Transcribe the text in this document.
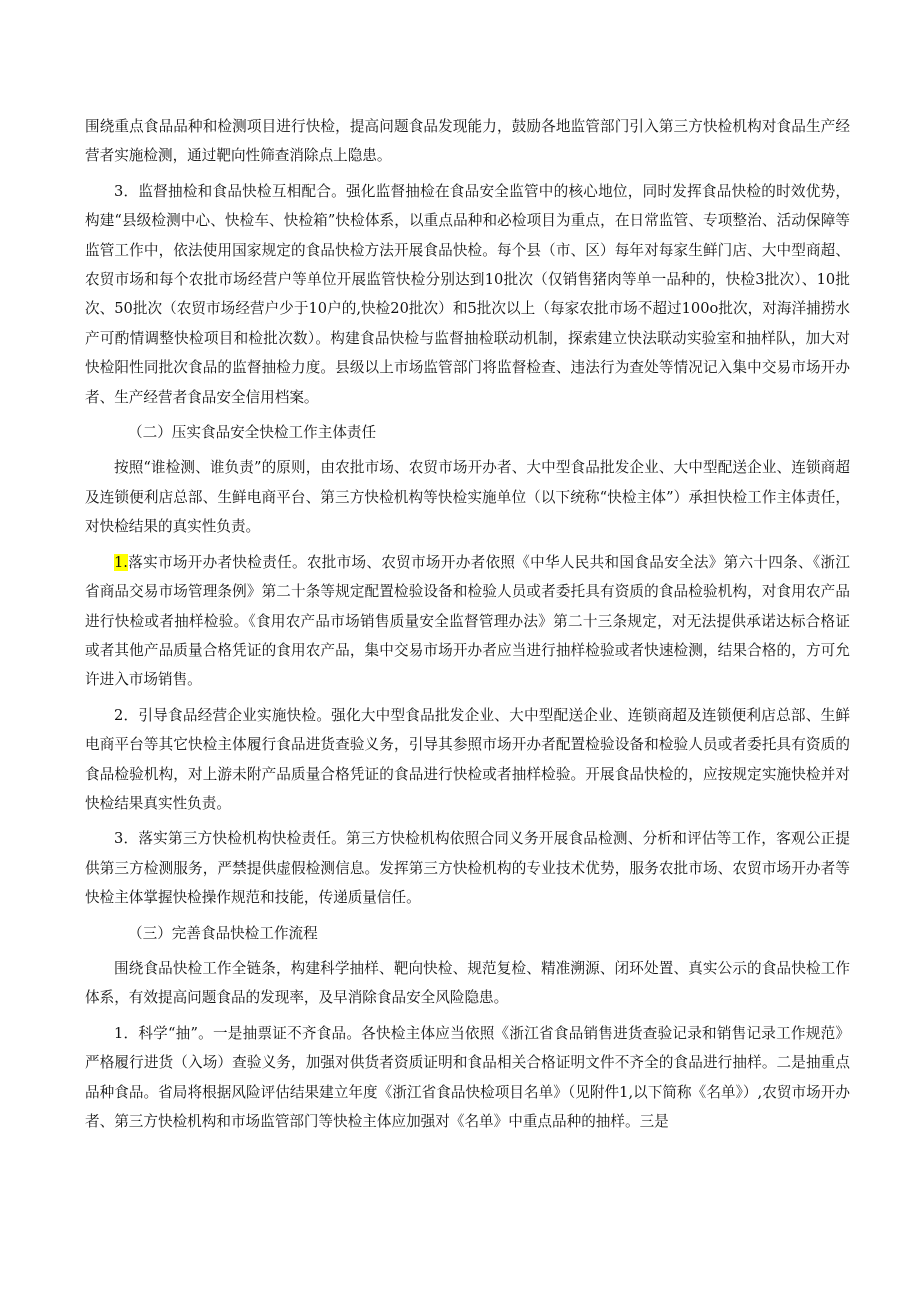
围绕重点食品品种和检测项目进行快检，提高问题食品发现能力，鼓励各地监管部门引入第三方快检机构对食品生产经营者实施检测，通过靶向性筛查消除点上隐患。

3．监督抽检和食品快检互相配合。强化监督抽检在食品安全监管中的核心地位，同时发挥食品快检的时效优势，构建“县级检测中心、快检车、快检箱”快检体系，以重点品种和必检项目为重点，在日常监管、专项整治、活动保障等监管工作中，依法使用国家规定的食品快检方法开展食品快检。每个县（市、区）每年对每家生鲜门店、大中型商超、农贸市场和每个农批市场经营户等单位开展监管快检分别达到10批次（仅销售猪肉等单一品种的，快检3批次）、10批次、50批次（农贸市场经营户少于10户的,快检20批次）和5批次以上（每家农批市场不超过100o批次，对海洋捕捞水产可酌情调整快检项目和检批次数）。构建食品快检与监督抽检联动机制，探索建立快法联动实验室和抽样队，加大对快检阳性同批次食品的监督抽检力度。县级以上市场监管部门将监督检查、违法行为查处等情况记入集中交易市场开办者、生产经营者食品安全信用档案。

（二）压实食品安全快检工作主体责任

按照“谁检测、谁负责”的原则，由农批市场、农贸市场开办者、大中型食品批发企业、大中型配送企业、连锁商超及连锁便利店总部、生鲜电商平台、第三方快检机构等快检实施单位（以下统称“快检主体”）承担快检工作主体责任，对快检结果的真实性负责。

1.落实市场开办者快检责任。农批市场、农贸市场开办者依照《中华人民共和国食品安全法》第六十四条、《浙江省商品交易市场管理条例》第二十条等规定配置检验设备和检验人员或者委托具有资质的食品检验机构，对食用农产品进行快检或者抽样检验。《食用农产品市场销售质量安全监督管理办法》第二十三条规定，对无法提供承诺达标合格证或者其他产品质量合格凭证的食用农产品，集中交易市场开办者应当进行抽样检验或者快速检测，结果合格的，方可允许进入市场销售。

2．引导食品经营企业实施快检。强化大中型食品批发企业、大中型配送企业、连锁商超及连锁便利店总部、生鲜电商平台等其它快检主体履行食品进货查验义务，引导其参照市场开办者配置检验设备和检验人员或者委托具有资质的食品检验机构，对上游未附产品质量合格凭证的食品进行快检或者抽样检验。开展食品快检的，应按规定实施快检并对快检结果真实性负责。

3．落实第三方快检机构快检责任。第三方快检机构依照合同义务开展食品检测、分析和评估等工作，客观公正提供第三方检测服务，严禁提供虚假检测信息。发挥第三方快检机构的专业技术优势，服务农批市场、农贸市场开办者等快检主体掌握快检操作规范和技能，传递质量信任。

（三）完善食品快检工作流程

围绕食品快检工作全链条，构建科学抽样、靶向快检、规范复检、精准溯源、闭环处置、真实公示的食品快检工作体系，有效提高问题食品的发现率，及早消除食品安全风险隐患。

1．科学“抽”。一是抽票证不齐食品。各快检主体应当依照《浙江省食品销售进货查验记录和销售记录工作规范》严格履行进货（入场）查验义务，加强对供货者资质证明和食品相关合格证明文件不齐全的食品进行抽样。二是抽重点品种食品。省局将根据风险评估结果建立年度《浙江省食品快检项目名单》（见附件1,以下简称《名单》）,农贸市场开办者、第三方快检机构和市场监管部门等快检主体应加强对《名单》中重点品种的抽样。三是
